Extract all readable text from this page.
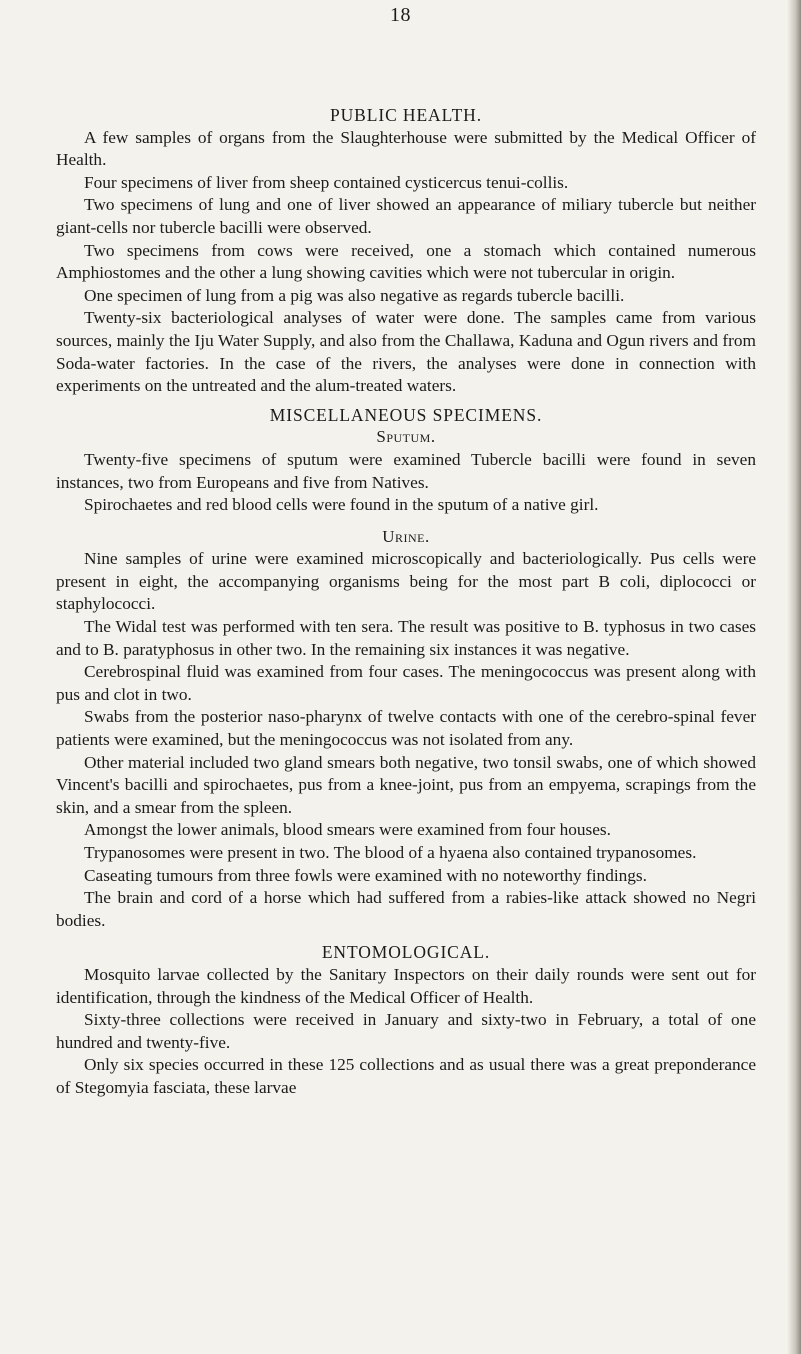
18
PUBLIC HEALTH.

A few samples of organs from the Slaughterhouse were submitted by the Medical Officer of Health.

Four specimens of liver from sheep contained cysticercus tenui-collis.

Two specimens of lung and one of liver showed an appearance of miliary tubercle but neither giant-cells nor tubercle bacilli were observed.

Two specimens from cows were received, one a stomach which contained numerous Amphiostomes and the other a lung showing cavities which were not tubercular in origin.

One specimen of lung from a pig was also negative as regards tubercle bacilli.

Twenty-six bacteriological analyses of water were done. The samples came from various sources, mainly the Iju Water Supply, and also from the Challawa, Kaduna and Ogun rivers and from Soda-water factories. In the case of the rivers, the analyses were done in connection with experiments on the untreated and the alum-treated waters.

MISCELLANEOUS SPECIMENS.
Sputum.

Twenty-five specimens of sputum were examined Tubercle bacilli were found in seven instances, two from Europeans and five from Natives.

Spirochaetes and red blood cells were found in the sputum of a native girl.

Urine.

Nine samples of urine were examined microscopically and bacteriologically. Pus cells were present in eight, the accompanying organisms being for the most part B coli, diplococci or staphylococci.

The Widal test was performed with ten sera. The result was positive to B. typhosus in two cases and to B. paratyphosus in other two. In the remaining six instances it was negative.

Cerebrospinal fluid was examined from four cases. The meningococcus was present along with pus and clot in two.

Swabs from the posterior naso-pharynx of twelve contacts with one of the cerebro-spinal fever patients were examined, but the meningococcus was not isolated from any.

Other material included two gland smears both negative, two tonsil swabs, one of which showed Vincent's bacilli and spirochaetes, pus from a knee-joint, pus from an empyema, scrapings from the skin, and a smear from the spleen.

Amongst the lower animals, blood smears were examined from four houses.

Trypanosomes were present in two. The blood of a hyaena also contained trypanosomes.

Caseating tumours from three fowls were examined with no noteworthy findings.

The brain and cord of a horse which had suffered from a rabies-like attack showed no Negri bodies.

ENTOMOLOGICAL.

Mosquito larvae collected by the Sanitary Inspectors on their daily rounds were sent out for identification, through the kindness of the Medical Officer of Health.

Sixty-three collections were received in January and sixty-two in February, a total of one hundred and twenty-five.

Only six species occurred in these 125 collections and as usual there was a great preponderance of Stegomyia fasciata, these larvae
